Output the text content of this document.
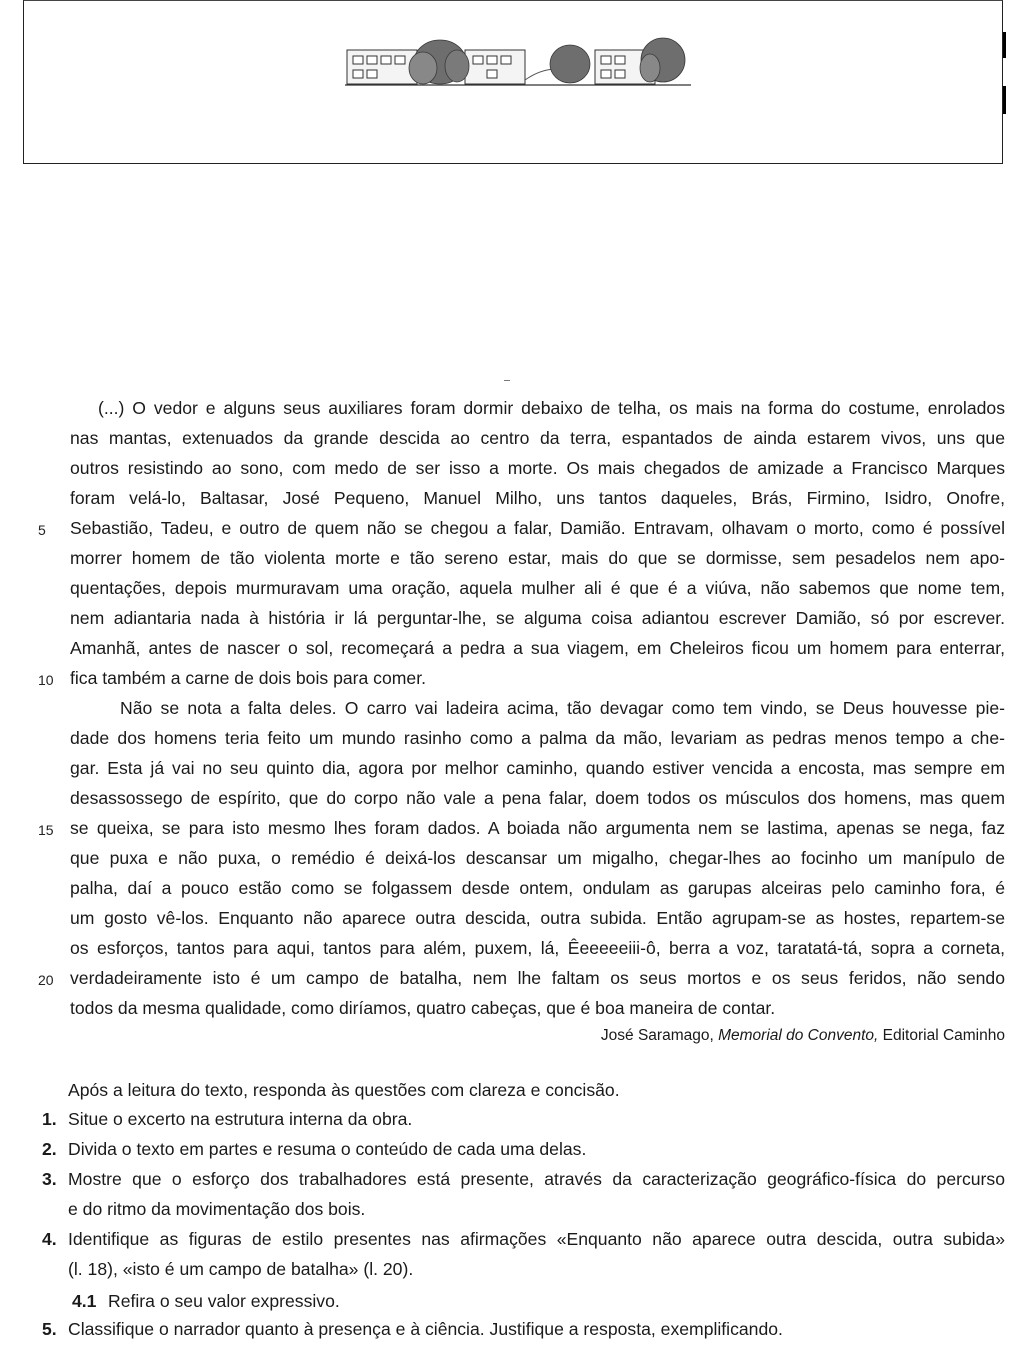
(...) O vedor e alguns seus auxiliares foram dormir debaixo de telha, os mais na forma do costume, enrolados
nas mantas, extenuados da grande descida ao centro da terra, espantados de ainda estarem vivos, uns que
outros resistindo ao sono, com medo de ser isso a morte. Os mais chegados de amizade a Francisco Marques
foram velá-lo, Baltasar, José Pequeno, Manuel Milho, uns tantos daqueles, Brás, Firmino, Isidro, Onofre,
Sebastião, Tadeu, e outro de quem não se chegou a falar, Damião. Entravam, olhavam o morto, como é possível
morrer homem de tão violenta morte e tão sereno estar, mais do que se dormisse, sem pesadelos nem apo-
quentações, depois murmuravam uma oração, aquela mulher ali é que é a viúva, não sabemos que nome tem,
nem adiantaria nada à história ir lá perguntar-lhe, se alguma coisa adiantou escrever Damião, só por escrever.
Amanhã, antes de nascer o sol, recomeçará a pedra a sua viagem, em Cheleiros ficou um homem para enterrar,
fica também a carne de dois bois para comer.
Não se nota a falta deles. O carro vai ladeira acima, tão devagar como tem vindo, se Deus houvesse pie-
dade dos homens teria feito um mundo rasinho como a palma da mão, levariam as pedras menos tempo a che-
gar. Esta já vai no seu quinto dia, agora por melhor caminho, quando estiver vencida a encosta, mas sempre em
desassossego de espírito, que do corpo não vale a pena falar, doem todos os músculos dos homens, mas quem
se queixa, se para isto mesmo lhes foram dados. A boiada não argumenta nem se lastima, apenas se nega, faz
que puxa e não puxa, o remédio é deixá-los descansar um migalho, chegar-lhes ao focinho um manípulo de
palha, daí a pouco estão como se folgassem desde ontem, ondulam as garupas alceiras pelo caminho fora, é
um gosto vê-los. Enquanto não aparece outra descida, outra subida. Então agrupam-se as hostes, repartem-se
os esforços, tantos para aqui, tantos para além, puxem, lá, Êeeeeeiii-ô, berra a voz, taratatá-tá, sopra a corneta,
verdadeiramente isto é um campo de batalha, nem lhe faltam os seus mortos e os seus feridos, não sendo
todos da mesma qualidade, como diríamos, quatro cabeças, que é boa maneira de contar.
5
10
15
20
José Saramago, Memorial do Convento, Editorial Caminho
Após a leitura do texto, responda às questões com clareza e concisão.
1. Situe o excerto na estrutura interna da obra.
2. Divida o texto em partes e resuma o conteúdo de cada uma delas.
3. Mostre que o esforço dos trabalhadores está presente, através da caracterização geográfico-física do percurso
e do ritmo da movimentação dos bois.
4. Identifique as figuras de estilo presentes nas afirmações «Enquanto não aparece outra descida, outra subida»
(l. 18), «isto é um campo de batalha» (l. 20).
4.1 Refira o seu valor expressivo.
5. Classifique o narrador quanto à presença e à ciência. Justifique a resposta, exemplificando.
